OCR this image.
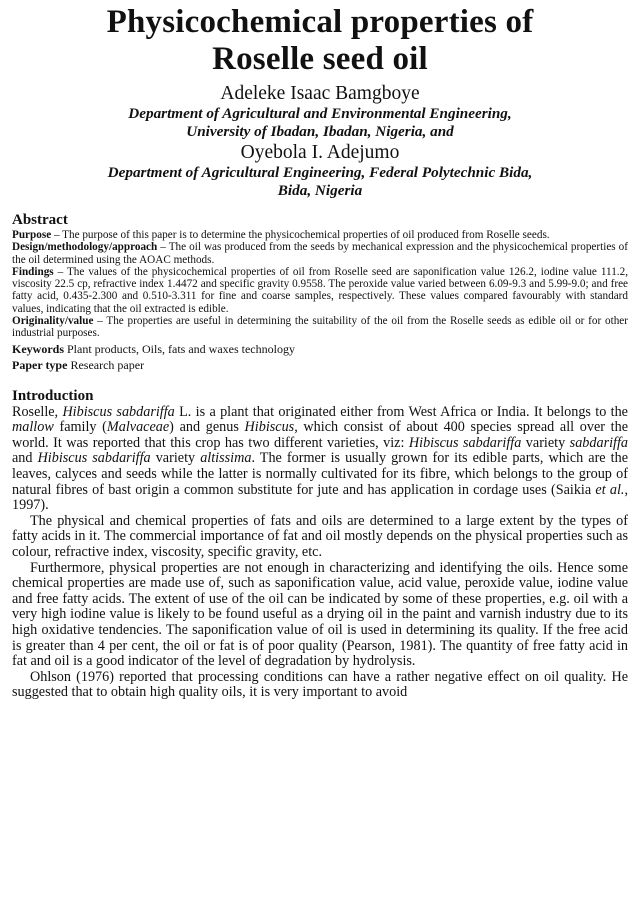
Physicochemical properties of
Roselle seed oil
Adeleke Isaac Bamgboye
Department of Agricultural and Environmental Engineering,
University of Ibadan, Ibadan, Nigeria, and
Oyebola I. Adejumo
Department of Agricultural Engineering, Federal Polytechnic Bida,
Bida, Nigeria
Abstract

Purpose – The purpose of this paper is to determine the physicochemical properties of oil produced from Roselle seeds.

Design/methodology/approach – The oil was produced from the seeds by mechanical expression and the physicochemical properties of the oil determined using the AOAC methods.

Findings – The values of the physicochemical properties of oil from Roselle seed are saponification value 126.2, iodine value 111.2, viscosity 22.5 cp, refractive index 1.4472 and specific gravity 0.9558. The peroxide value varied between 6.09-9.3 and 5.99-9.0; and free fatty acid, 0.435-2.300 and 0.510-3.311 for fine and coarse samples, respectively. These values compared favourably with standard values, indicating that the oil extracted is edible.

Originality/value – The properties are useful in determining the suitability of the oil from the Roselle seeds as edible oil or for other industrial purposes.

Keywords Plant products, Oils, fats and waxes technology
Paper type Research paper
Introduction

Roselle, Hibiscus sabdariffa L. is a plant that originated either from West Africa or India. It belongs to the mallow family (Malvaceae) and genus Hibiscus, which consist of about 400 species spread all over the world. It was reported that this crop has two different varieties, viz: Hibiscus sabdariffa variety sabdariffa and Hibiscus sabdariffa variety altissima. The former is usually grown for its edible parts, which are the leaves, calyces and seeds while the latter is normally cultivated for its fibre, which belongs to the group of natural fibres of bast origin a common substitute for jute and has application in cordage uses (Saikia et al., 1997).

The physical and chemical properties of fats and oils are determined to a large extent by the types of fatty acids in it. The commercial importance of fat and oil mostly depends on the physical properties such as colour, refractive index, viscosity, specific gravity, etc.

Furthermore, physical properties are not enough in characterizing and identifying the oils. Hence some chemical properties are made use of, such as saponification value, acid value, peroxide value, iodine value and free fatty acids. The extent of use of the oil can be indicated by some of these properties, e.g. oil with a very high iodine value is likely to be found useful as a drying oil in the paint and varnish industry due to its high oxidative tendencies. The saponification value of oil is used in determining its quality. If the free acid is greater than 4 per cent, the oil or fat is of poor quality (Pearson, 1981). The quantity of free fatty acid in fat and oil is a good indicator of the level of degradation by hydrolysis.

Ohlson (1976) reported that processing conditions can have a rather negative effect on oil quality. He suggested that to obtain high quality oils, it is very important to avoid
